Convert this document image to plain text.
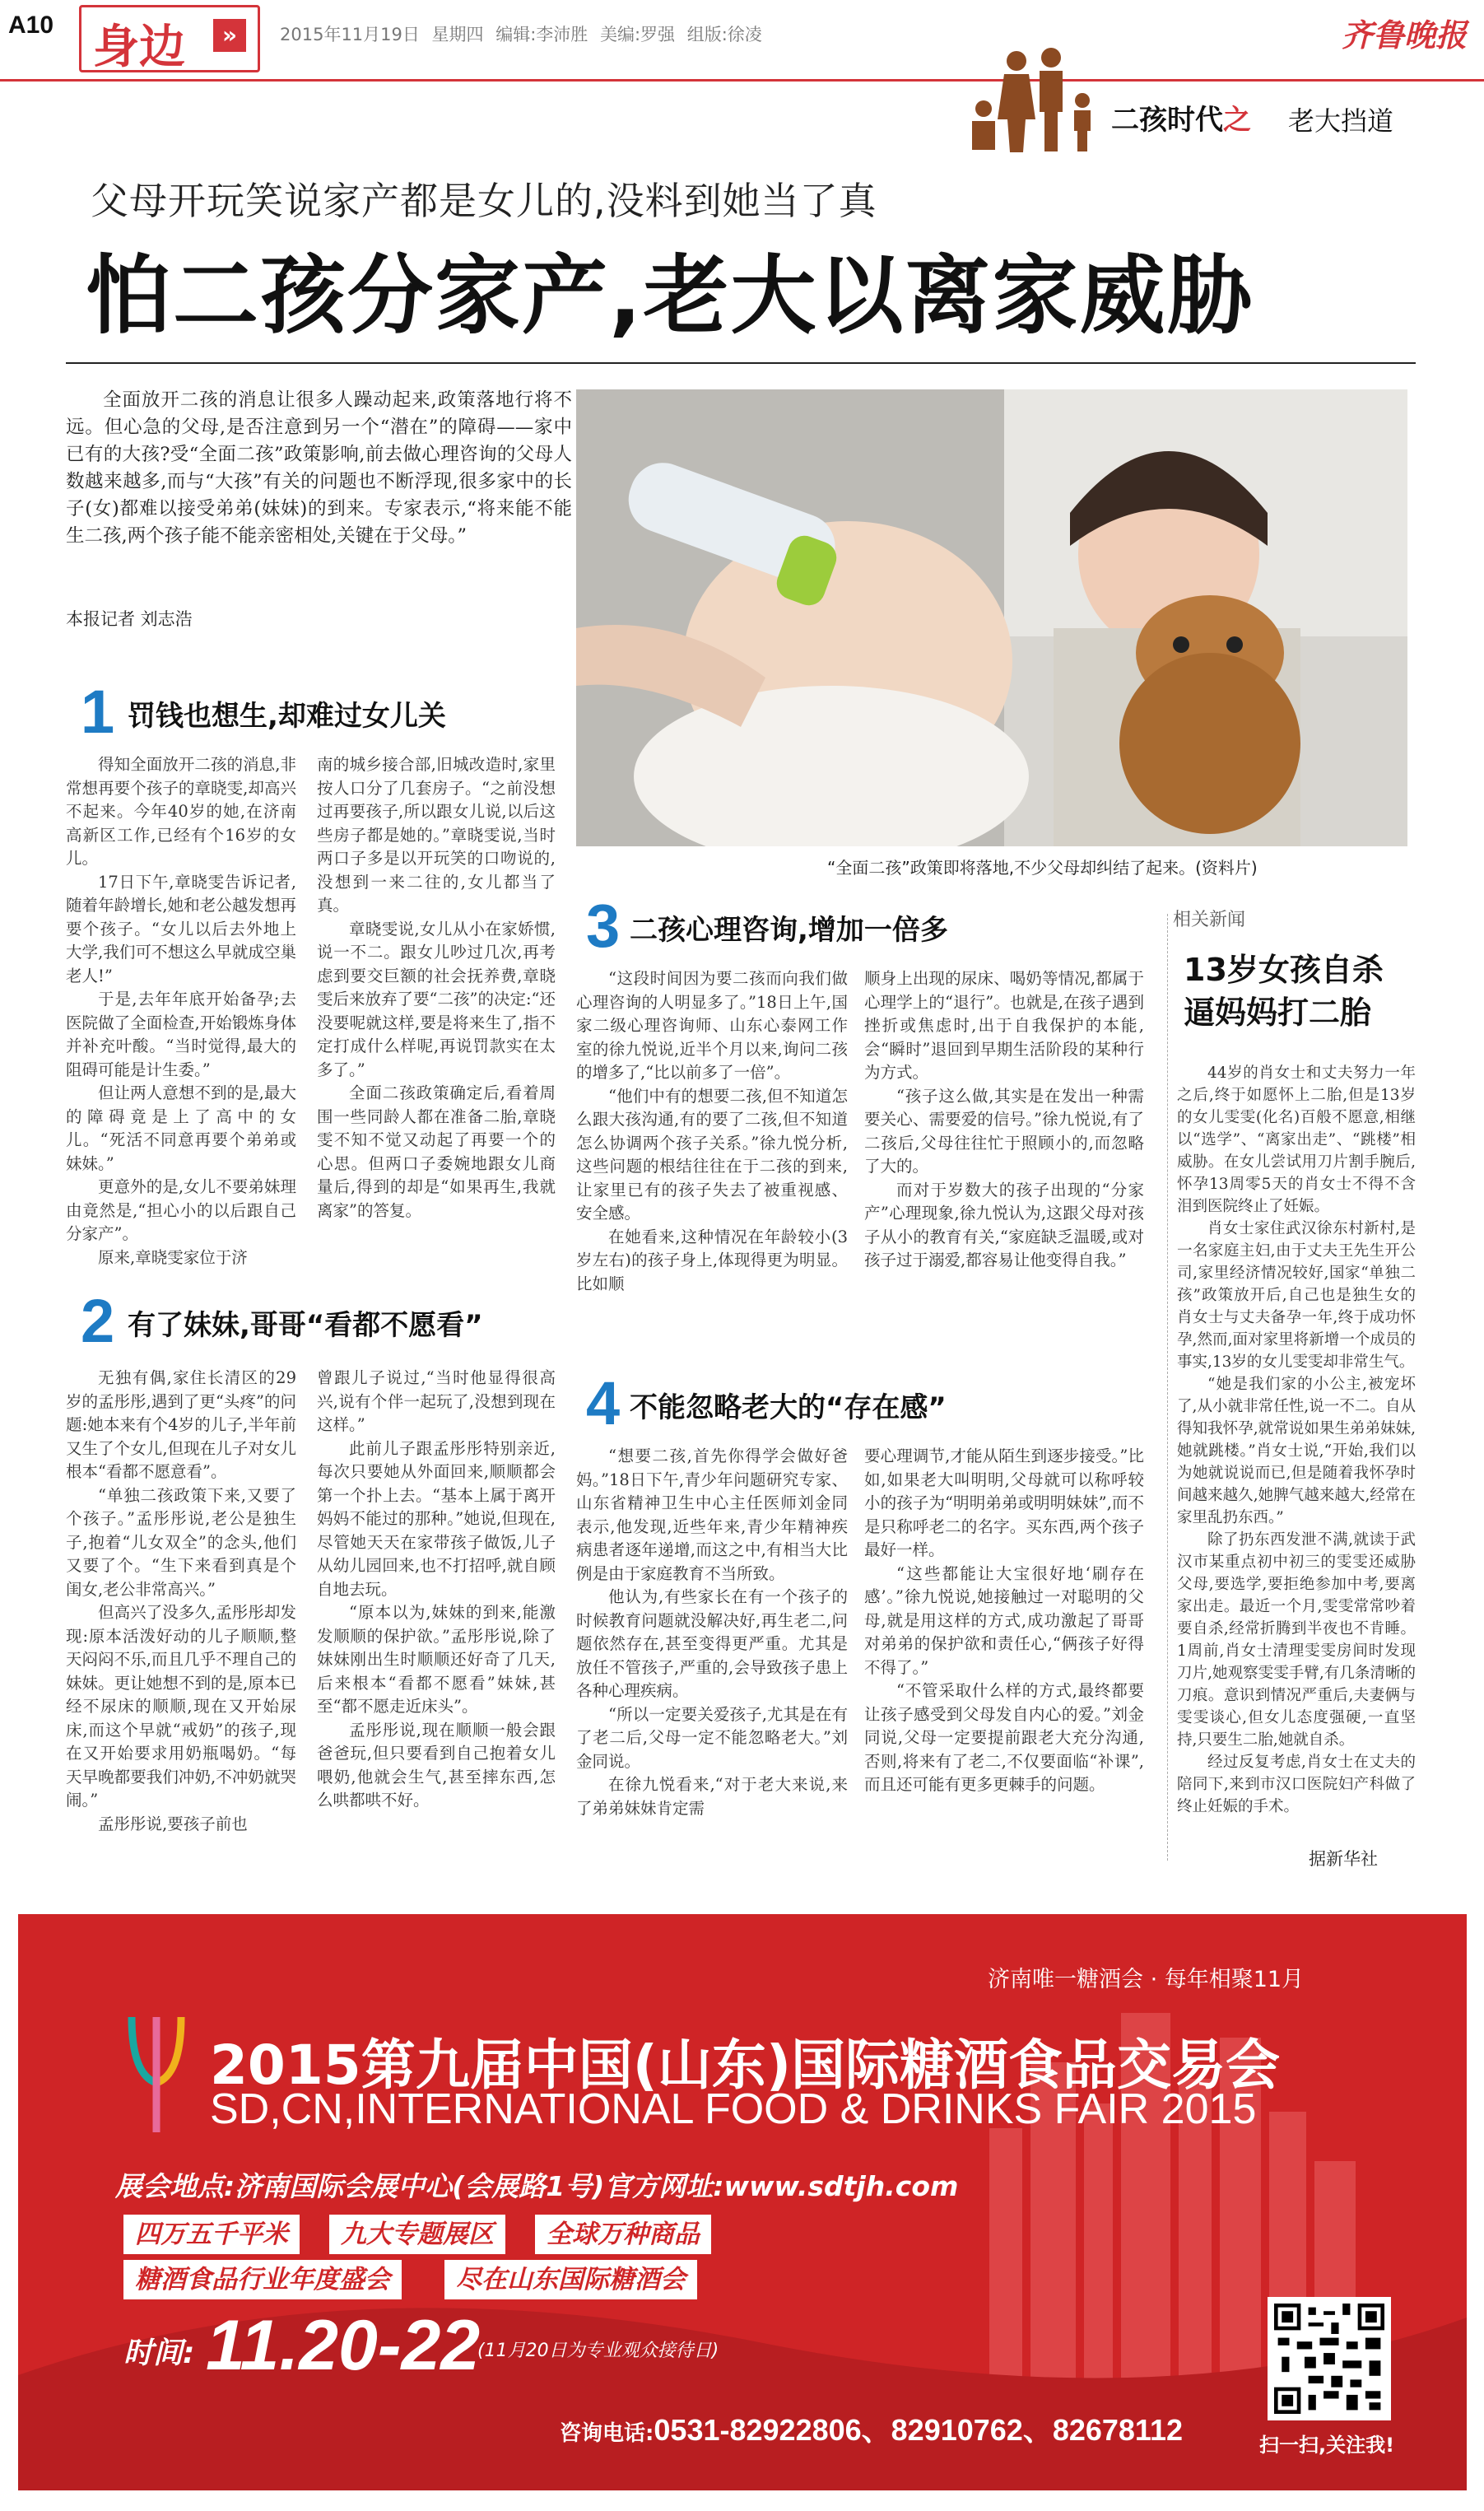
A10 身边	»	2015年11月19日 星期四 编辑:李沛胜 美编:罗强 组版:徐凌	齐鲁晚报
二孩时代之 老大挡道
父母开玩笑说家产都是女儿的,没料到她当了真
怕二孩分家产,老大以离家威胁
全面放开二孩的消息让很多人躁动起来,政策落地行将不远。但心急的父母,是否注意到另一个“潜在”的障碍——家中已有的大孩?受“全面二孩”政策影响,前去做心理咨询的父母人数越来越多,而与“大孩”有关的问题也不断浮现,很多家中的长子(女)都难以接受弟弟(妹妹)的到来。专家表示,“将来能不能生二孩,两个孩子能不能亲密相处,关键在于父母。”
本报记者 刘志浩
“全面二孩”政策即将落地,不少父母却纠结了起来。(资料片)
1 罚钱也想生,却难过女儿关

得知全面放开二孩的消息,非常想再要个孩子的章晓雯,却高兴不起来。今年40岁的她,在济南高新区工作,已经有个16岁的女儿。

17日下午,章晓雯告诉记者,随着年龄增长,她和老公越发想再要个孩子。“女儿以后去外地上大学,我们可不想这么早就成空巢老人!”

于是,去年年底开始备孕;去医院做了全面检查,开始锻炼身体并补充叶酸。“当时觉得,最大的阻碍可能是计生委。”

但让两人意想不到的是,最大的障碍竟是上了高中的女儿。“死活不同意再要个弟弟或妹妹。”

更意外的是,女儿不要弟妹理由竟然是,“担心小的以后跟自己分家产”。

原来,章晓雯家位于济

南的城乡接合部,旧城改造时,家里按人口分了几套房子。“之前没想过再要孩子,所以跟女儿说,以后这些房子都是她的。”章晓雯说,当时两口子多是以开玩笑的口吻说的,没想到一来二往的,女儿都当了真。

章晓雯说,女儿从小在家娇惯,说一不二。跟女儿吵过几次,再考虑到要交巨额的社会抚养费,章晓雯后来放弃了要“二孩”的决定:“还没要呢就这样,要是将来生了,指不定打成什么样呢,再说罚款实在太多了。”

全面二孩政策确定后,看着周围一些同龄人都在准备二胎,章晓雯不知不觉又动起了再要一个的心思。但两口子委婉地跟女儿商量后,得到的却是“如果再生,我就离家”的答复。

2 有了妹妹,哥哥“看都不愿看”

无独有偶,家住长清区的29岁的孟彤彤,遇到了更“头疼”的问题:她本来有个4岁的儿子,半年前又生了个女儿,但现在儿子对女儿根本“看都不愿意看”。

“单独二孩政策下来,又要了个孩子。”孟彤彤说,老公是独生子,抱着“儿女双全”的念头,他们又要了个。“生下来看到真是个闺女,老公非常高兴。”

但高兴了没多久,孟彤彤却发现:原本活泼好动的儿子顺顺,整天闷闷不乐,而且几乎不理自己的妹妹。更让她想不到的是,原本已经不尿床的顺顺,现在又开始尿床,而这个早就“戒奶”的孩子,现在又开始要求用奶瓶喝奶。“每天早晚都要我们冲奶,不冲奶就哭闹。”

孟彤彤说,要孩子前也

曾跟儿子说过,“当时他显得很高兴,说有个伴一起玩了,没想到现在这样。”

此前儿子跟孟彤彤特别亲近,每次只要她从外面回来,顺顺都会第一个扑上去。“基本上属于离开妈妈不能过的那种。”她说,但现在,尽管她天天在家带孩子做饭,儿子从幼儿园回来,也不打招呼,就自顾自地去玩。

“原本以为,妹妹的到来,能激发顺顺的保护欲。”孟彤彤说,除了妹妹刚出生时顺顺还好奇了几天,后来根本“看都不愿看”妹妹,甚至“都不愿走近床头”。

孟彤彤说,现在顺顺一般会跟爸爸玩,但只要看到自己抱着女儿喂奶,他就会生气,甚至摔东西,怎么哄都哄不好。

3 二孩心理咨询,增加一倍多

“这段时间因为要二孩而向我们做心理咨询的人明显多了。”18日上午,国家二级心理咨询师、山东心泰网工作室的徐九悦说,近半个月以来,询问二孩的增多了,“比以前多了一倍”。

“他们中有的想要二孩,但不知道怎么跟大孩沟通,有的要了二孩,但不知道怎么协调两个孩子关系。”徐九悦分析,这些问题的根结往往在于二孩的到来,让家里已有的孩子失去了被重视感、安全感。

在她看来,这种情况在年龄较小(3岁左右)的孩子身上,体现得更为明显。比如顺

顺身上出现的尿床、喝奶等情况,都属于心理学上的“退行”。也就是,在孩子遇到挫折或焦虑时,出于自我保护的本能,会“瞬时”退回到早期生活阶段的某种行为方式。

“孩子这么做,其实是在发出一种需要关心、需要爱的信号。”徐九悦说,有了二孩后,父母往往忙于照顾小的,而忽略了大的。

而对于岁数大的孩子出现的“分家产”心理现象,徐九悦认为,这跟父母对孩子从小的教育有关,“家庭缺乏温暖,或对孩子过于溺爱,都容易让他变得自我。”

4 不能忽略老大的“存在感”

“想要二孩,首先你得学会做好爸妈。”18日下午,青少年问题研究专家、山东省精神卫生中心主任医师刘金同表示,他发现,近些年来,青少年精神疾病患者逐年递增,而这之中,有相当大比例是由于家庭教育不当所致。

他认为,有些家长在有一个孩子的时候教育问题就没解决好,再生老二,问题依然存在,甚至变得更严重。尤其是放任不管孩子,严重的,会导致孩子患上各种心理疾病。

“所以一定要关爱孩子,尤其是在有了老二后,父母一定不能忽略老大。”刘金同说。

在徐九悦看来,“对于老大来说,来了弟弟妹妹肯定需

要心理调节,才能从陌生到逐步接受。”比如,如果老大叫明明,父母就可以称呼较小的孩子为“明明弟弟或明明妹妹”,而不是只称呼老二的名字。买东西,两个孩子最好一样。

“这些都能让大宝很好地‘刷存在感’。”徐九悦说,她接触过一对聪明的父母,就是用这样的方式,成功激起了哥哥对弟弟的保护欲和责任心,“俩孩子好得不得了。”

“不管采取什么样的方式,最终都要让孩子感受到父母发自内心的爱。”刘金同说,父母一定要提前跟老大充分沟通,否则,将来有了老二,不仅要面临“补课”,而且还可能有更多更棘手的问题。

相关新闻
13岁女孩自杀
逼妈妈打二胎

44岁的肖女士和丈夫努力一年之后,终于如愿怀上二胎,但是13岁的女儿雯雯(化名)百般不愿意,相继以“选学”、“离家出走”、“跳楼”相威胁。在女儿尝试用刀片割手腕后,怀孕13周零5天的肖女士不得不含泪到医院终止了妊娠。

肖女士家住武汉徐东村新村,是一名家庭主妇,由于丈夫王先生开公司,家里经济情况较好,国家“单独二孩”政策放开后,自己也是独生女的肖女士与丈夫备孕一年,终于成功怀孕,然而,面对家里将新增一个成员的事实,13岁的女儿雯雯却非常生气。

“她是我们家的小公主,被宠坏了,从小就非常任性,说一不二。自从得知我怀孕,就常说如果生弟弟妹妹,她就跳楼。”肖女士说,“开始,我们以为她就说说而已,但是随着我怀孕时间越来越久,她脾气越来越大,经常在家里乱扔东西。”

除了扔东西发泄不满,就读于武汉市某重点初中初三的雯雯还威胁父母,要选学,要拒绝参加中考,要离家出走。最近一个月,雯雯常常吵着要自杀,经常折腾到半夜也不肯睡。1周前,肖女士清理雯雯房间时发现刀片,她观察雯雯手臂,有几条清晰的刀痕。意识到情况严重后,夫妻俩与雯雯谈心,但女儿态度强硬,一直坚持,只要生二胎,她就自杀。

经过反复考虑,肖女士在丈夫的陪同下,来到市汉口医院妇产科做了终止妊娠的手术。

据新华社
济南唯一糖酒会 · 每年相聚11月
2015第九届中国(山东)国际糖酒食品交易会
SD,CN,INTERNATIONAL FOOD & DRINKS FAIR 2015
展会地点:济南国际会展中心(会展路1号)官方网址:www.sdtjh.com
四万五千平米	九大专题展区	全球万种商品
糖酒食品行业年度盛会	尽在山东国际糖酒会
时间: 11.20-22
(11月20日为专业观众接待日)
咨询电话:0531-82922806、82910762、82678112	扫一扫,关注我!
